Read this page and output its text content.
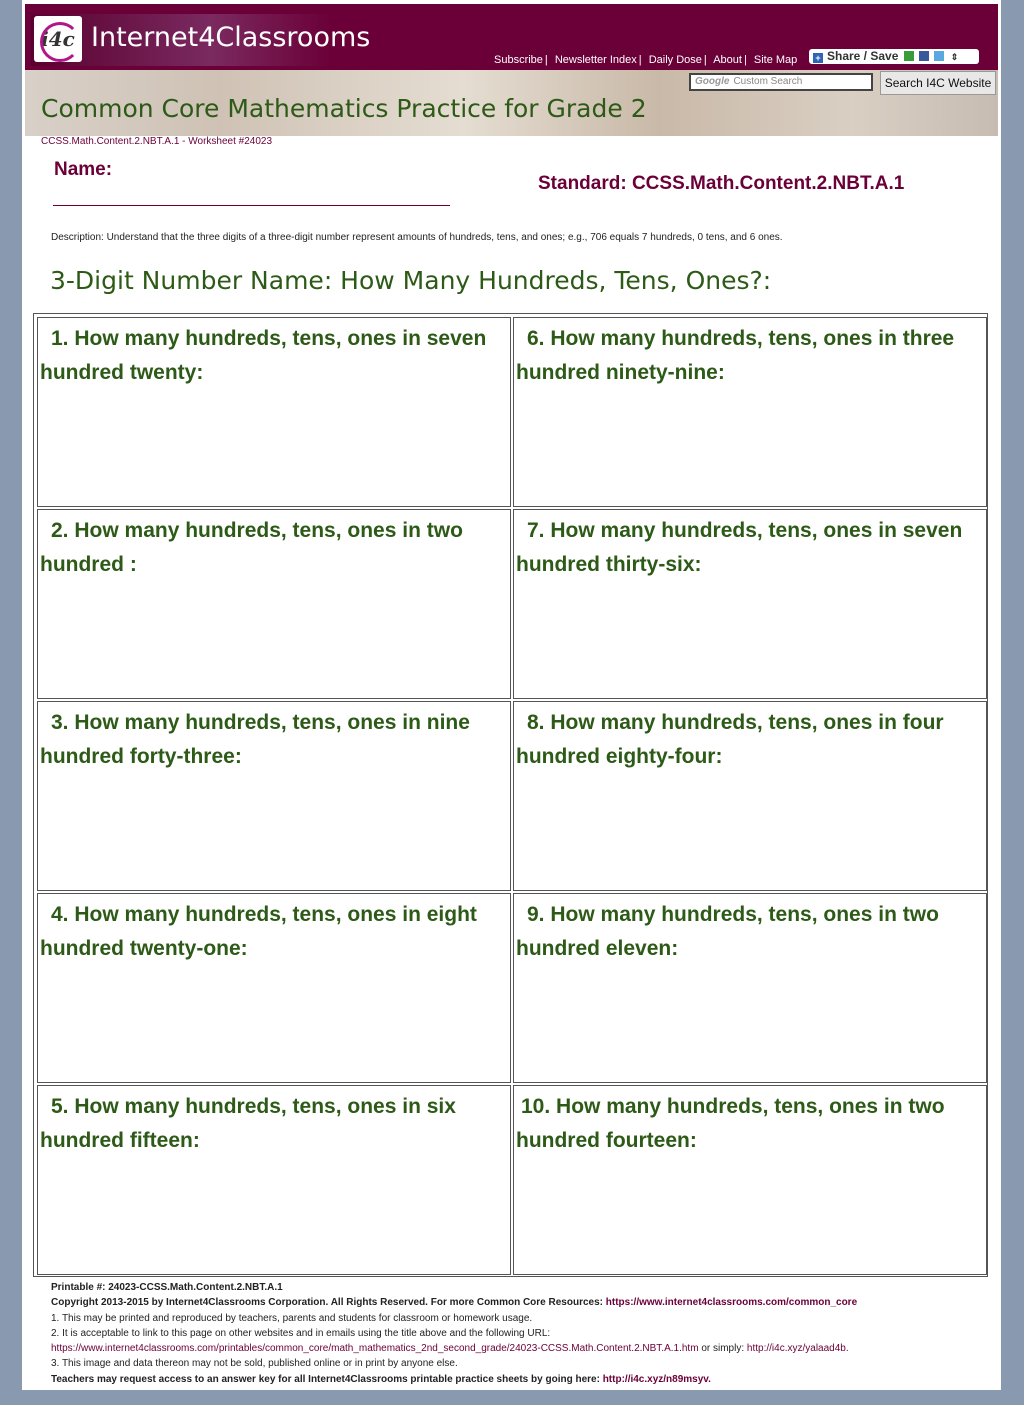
i4c Internet4Classrooms
Subscribe | Newsletter Index | Daily Dose | About | Site Map	+ Share / Save	⇕
Common Core Mathematics Practice for Grade 2
Google Custom Search	Search I4C Website
CCSS.Math.Content.2.NBT.A.1 - Worksheet #24023
Name:
Standard: CCSS.Math.Content.2.NBT.A.1
Description: Understand that the three digits of a three-digit number represent amounts of hundreds, tens, and ones; e.g., 706 equals 7 hundreds, 0 tens, and 6 ones.
3-Digit Number Name: How Many Hundreds, Tens, Ones?:
1. How many hundreds, tens, ones in seven
hundred twenty:
2. How many hundreds, tens, ones in two
hundred :
3. How many hundreds, tens, ones in nine
hundred forty-three:
4. How many hundreds, tens, ones in eight
hundred twenty-one:
5. How many hundreds, tens, ones in six
hundred fifteen:
6. How many hundreds, tens, ones in three
hundred ninety-nine:
7. How many hundreds, tens, ones in seven
hundred thirty-six:
8. How many hundreds, tens, ones in four
hundred eighty-four:
9. How many hundreds, tens, ones in two
hundred eleven:
10. How many hundreds, tens, ones in two
hundred fourteen:
Printable #: 24023-CCSS.Math.Content.2.NBT.A.1
Copyright 2013-2015 by Internet4Classrooms Corporation. All Rights Reserved. For more Common Core Resources: https://www.internet4classrooms.com/common_core
1. This may be printed and reproduced by teachers, parents and students for classroom or homework usage.
2. It is acceptable to link to this page on other websites and in emails using the title above and the following URL:
https://www.internet4classrooms.com/printables/common_core/math_mathematics_2nd_second_grade/24023-CCSS.Math.Content.2.NBT.A.1.htm or simply: http://i4c.xyz/yalaad4b.
3. This image and data thereon may not be sold, published online or in print by anyone else.
Teachers may request access to an answer key for all Internet4Classrooms printable practice sheets by going here: http://i4c.xyz/n89msyv.
